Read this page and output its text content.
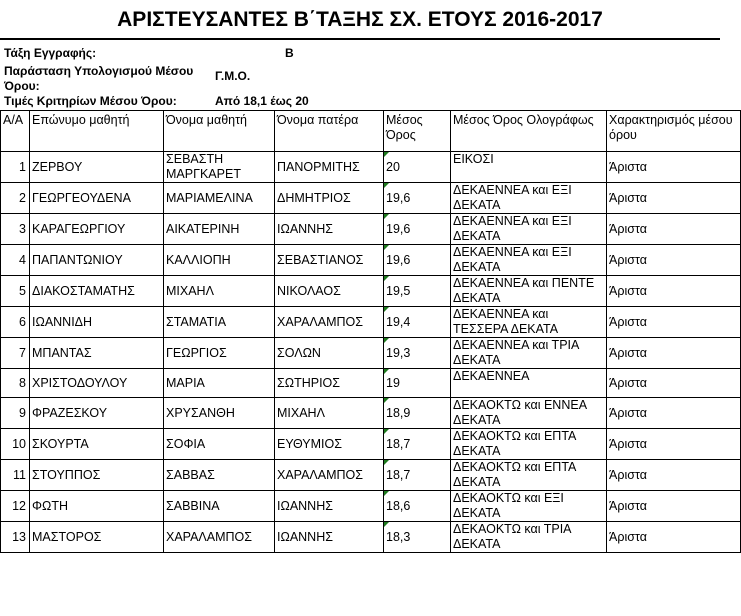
ΑΡΙΣΤΕΥΣΑΝΤΕΣ Β΄ΤΑΞΗΣ ΣΧ. ΕΤΟΥΣ 2016-2017
Τάξη Εγγραφής:	Β
Παράσταση Υπολογισμού Μέσου
Όρου:
Γ.Μ.Ο.
Τιμές Κριτηρίων Μέσου Όρου:	Από 18,1 έως 20
Α/Α	Επώνυμο μαθητή	Όνομα μαθητή	Όνομα πατέρα	Μέσος Όρος	Μέσος Όρος Ολογράφως	Χαρακτηρισμός μέσου όρου
1	ΖΕΡΒΟΥ	ΣΕΒΑΣΤΗ ΜΑΡΓΚΑΡΕΤ	ΠΑΝΟΡΜΙΤΗΣ	20	ΕΙΚΟΣΙ	Άριστα
2	ΓΕΩΡΓΕΟΥΔΕΝΑ	ΜΑΡΙΑΜΕΛΙΝΑ	ΔΗΜΗΤΡΙΟΣ	19,6	ΔΕΚΑΕΝΝΕΑ και ΕΞΙ ΔΕΚΑΤΑ	Άριστα
3	ΚΑΡΑΓΕΩΡΓΙΟΥ	ΑΙΚΑΤΕΡΙΝΗ	ΙΩΑΝΝΗΣ	19,6	ΔΕΚΑΕΝΝΕΑ και ΕΞΙ ΔΕΚΑΤΑ	Άριστα
4	ΠΑΠΑΝΤΩΝΙΟΥ	ΚΑΛΛΙΟΠΗ	ΣΕΒΑΣΤΙΑΝΟΣ	19,6	ΔΕΚΑΕΝΝΕΑ και ΕΞΙ ΔΕΚΑΤΑ	Άριστα
5	ΔΙΑΚΟΣΤΑΜΑΤΗΣ	ΜΙΧΑΗΛ	ΝΙΚΟΛΑΟΣ	19,5	ΔΕΚΑΕΝΝΕΑ και ΠΕΝΤΕ ΔΕΚΑΤΑ	Άριστα
6	ΙΩΑΝΝΙΔΗ	ΣΤΑΜΑΤΙΑ	ΧΑΡΑΛΑΜΠΟΣ	19,4	ΔΕΚΑΕΝΝΕΑ και ΤΕΣΣΕΡΑ ΔΕΚΑΤΑ	Άριστα
7	ΜΠΑΝΤΑΣ	ΓΕΩΡΓΙΟΣ	ΣΟΛΩΝ	19,3	ΔΕΚΑΕΝΝΕΑ και ΤΡΙΑ ΔΕΚΑΤΑ	Άριστα
8	ΧΡΙΣΤΟΔΟΥΛΟΥ	ΜΑΡΙΑ	ΣΩΤΗΡΙΟΣ	19	ΔΕΚΑΕΝΝΕΑ	Άριστα
9	ΦΡΑΖΕΣΚΟΥ	ΧΡΥΣΑΝΘΗ	ΜΙΧΑΗΛ	18,9	ΔΕΚΑΟΚΤΩ και ΕΝΝΕΑ ΔΕΚΑΤΑ	Άριστα
10	ΣΚΟΥΡΤΑ	ΣΟΦΙΑ	ΕΥΘΥΜΙΟΣ	18,7	ΔΕΚΑΟΚΤΩ και ΕΠΤΑ ΔΕΚΑΤΑ	Άριστα
11	ΣΤΟΥΠΠΟΣ	ΣΑΒΒΑΣ	ΧΑΡΑΛΑΜΠΟΣ	18,7	ΔΕΚΑΟΚΤΩ και ΕΠΤΑ ΔΕΚΑΤΑ	Άριστα
12	ΦΩΤΗ	ΣΑΒΒΙΝΑ	ΙΩΑΝΝΗΣ	18,6	ΔΕΚΑΟΚΤΩ και ΕΞΙ ΔΕΚΑΤΑ	Άριστα
13	ΜΑΣΤΟΡΟΣ	ΧΑΡΑΛΑΜΠΟΣ	ΙΩΑΝΝΗΣ	18,3	ΔΕΚΑΟΚΤΩ και ΤΡΙΑ ΔΕΚΑΤΑ	Άριστα
